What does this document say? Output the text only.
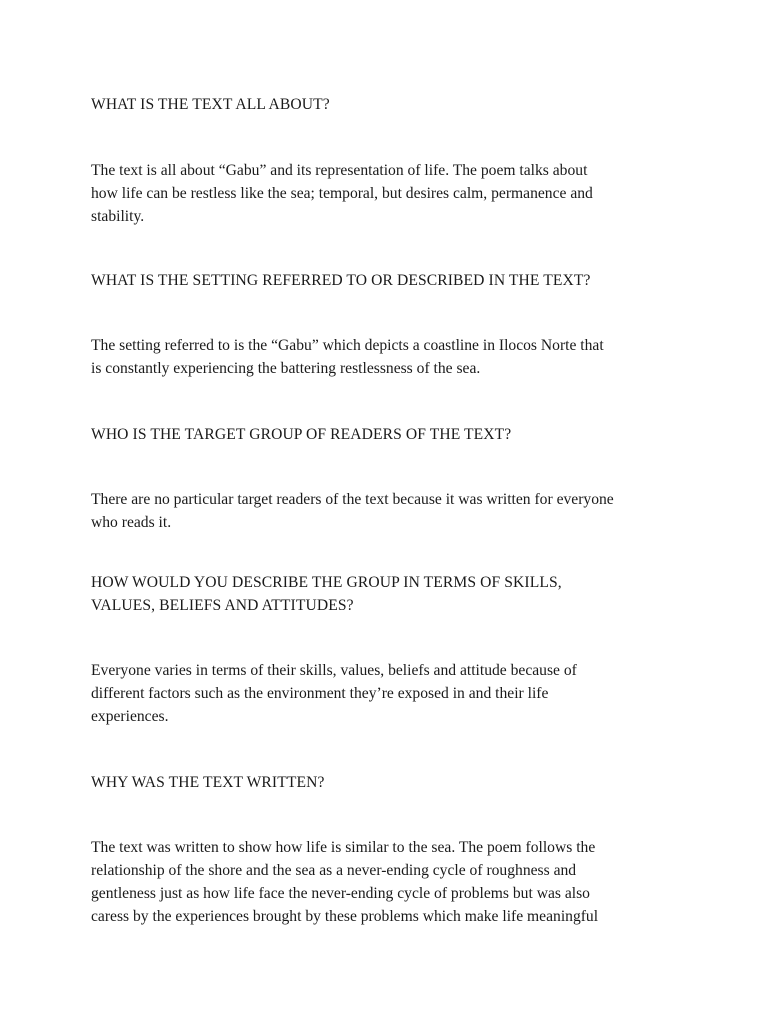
WHAT IS THE TEXT ALL ABOUT?

The text is all about “Gabu” and its representation of life. The poem talks about
how life can be restless like the sea; temporal, but desires calm, permanence and
stability.

WHAT IS THE SETTING REFERRED TO OR DESCRIBED IN THE TEXT?

The setting referred to is the “Gabu” which depicts a coastline in Ilocos Norte that
is constantly experiencing the battering restlessness of the sea.

WHO IS THE TARGET GROUP OF READERS OF THE TEXT?

There are no particular target readers of the text because it was written for everyone
who reads it.

HOW WOULD YOU DESCRIBE THE GROUP IN TERMS OF SKILLS,
VALUES, BELIEFS AND ATTITUDES?

Everyone varies in terms of their skills, values, beliefs and attitude because of
different factors such as the environment they’re exposed in and their life
experiences.

WHY WAS THE TEXT WRITTEN?

The text was written to show how life is similar to the sea. The poem follows the
relationship of the shore and the sea as a never-ending cycle of roughness and
gentleness just as how life face the never-ending cycle of problems but was also
caress by the experiences brought by these problems which make life meaningful
